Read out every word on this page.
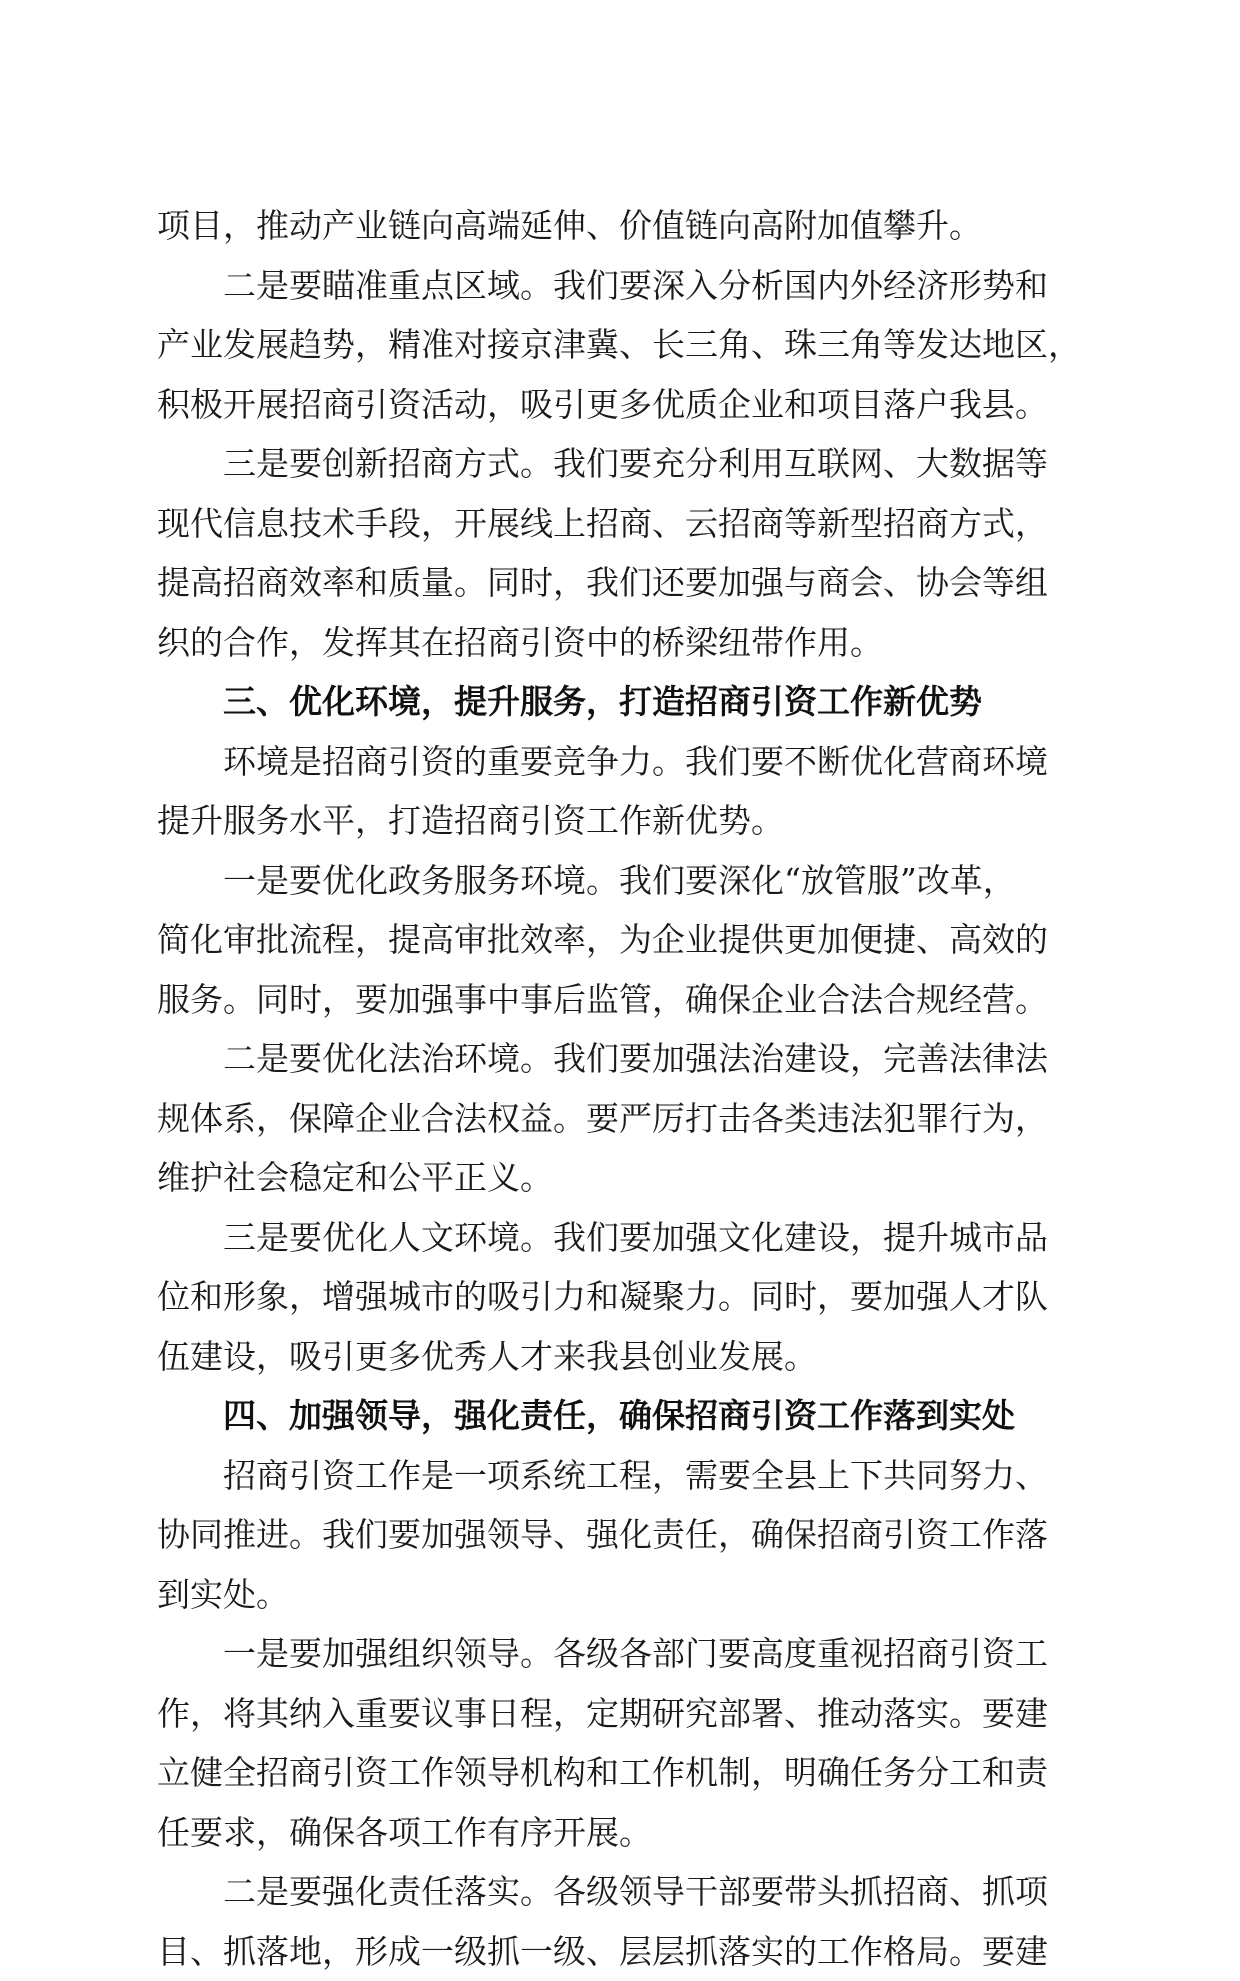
项目，推动产业链向高端延伸、价值链向高附加值攀升。
二是要瞄准重点区域。我们要深入分析国内外经济形势和
产业发展趋势，精准对接京津冀、长三角、珠三角等发达地区，
积极开展招商引资活动，吸引更多优质企业和项目落户我县。
三是要创新招商方式。我们要充分利用互联网、大数据等
现代信息技术手段，开展线上招商、云招商等新型招商方式，
提高招商效率和质量。同时，我们还要加强与商会、协会等组
织的合作，发挥其在招商引资中的桥梁纽带作用。
三、优化环境，提升服务，打造招商引资工作新优势
环境是招商引资的重要竞争力。我们要不断优化营商环境
提升服务水平，打造招商引资工作新优势。
一是要优化政务服务环境。我们要深化“放管服”改革，
简化审批流程，提高审批效率，为企业提供更加便捷、高效的
服务。同时，要加强事中事后监管，确保企业合法合规经营。
二是要优化法治环境。我们要加强法治建设，完善法律法
规体系，保障企业合法权益。要严厉打击各类违法犯罪行为，
维护社会稳定和公平正义。
三是要优化人文环境。我们要加强文化建设，提升城市品
位和形象，增强城市的吸引力和凝聚力。同时，要加强人才队
伍建设，吸引更多优秀人才来我县创业发展。
四、加强领导，强化责任，确保招商引资工作落到实处
招商引资工作是一项系统工程，需要全县上下共同努力、
协同推进。我们要加强领导、强化责任，确保招商引资工作落
到实处。
一是要加强组织领导。各级各部门要高度重视招商引资工
作，将其纳入重要议事日程，定期研究部署、推动落实。要建
立健全招商引资工作领导机构和工作机制，明确任务分工和责
任要求，确保各项工作有序开展。
二是要强化责任落实。各级领导干部要带头抓招商、抓项
目、抓落地，形成一级抓一级、层层抓落实的工作格局。要建
